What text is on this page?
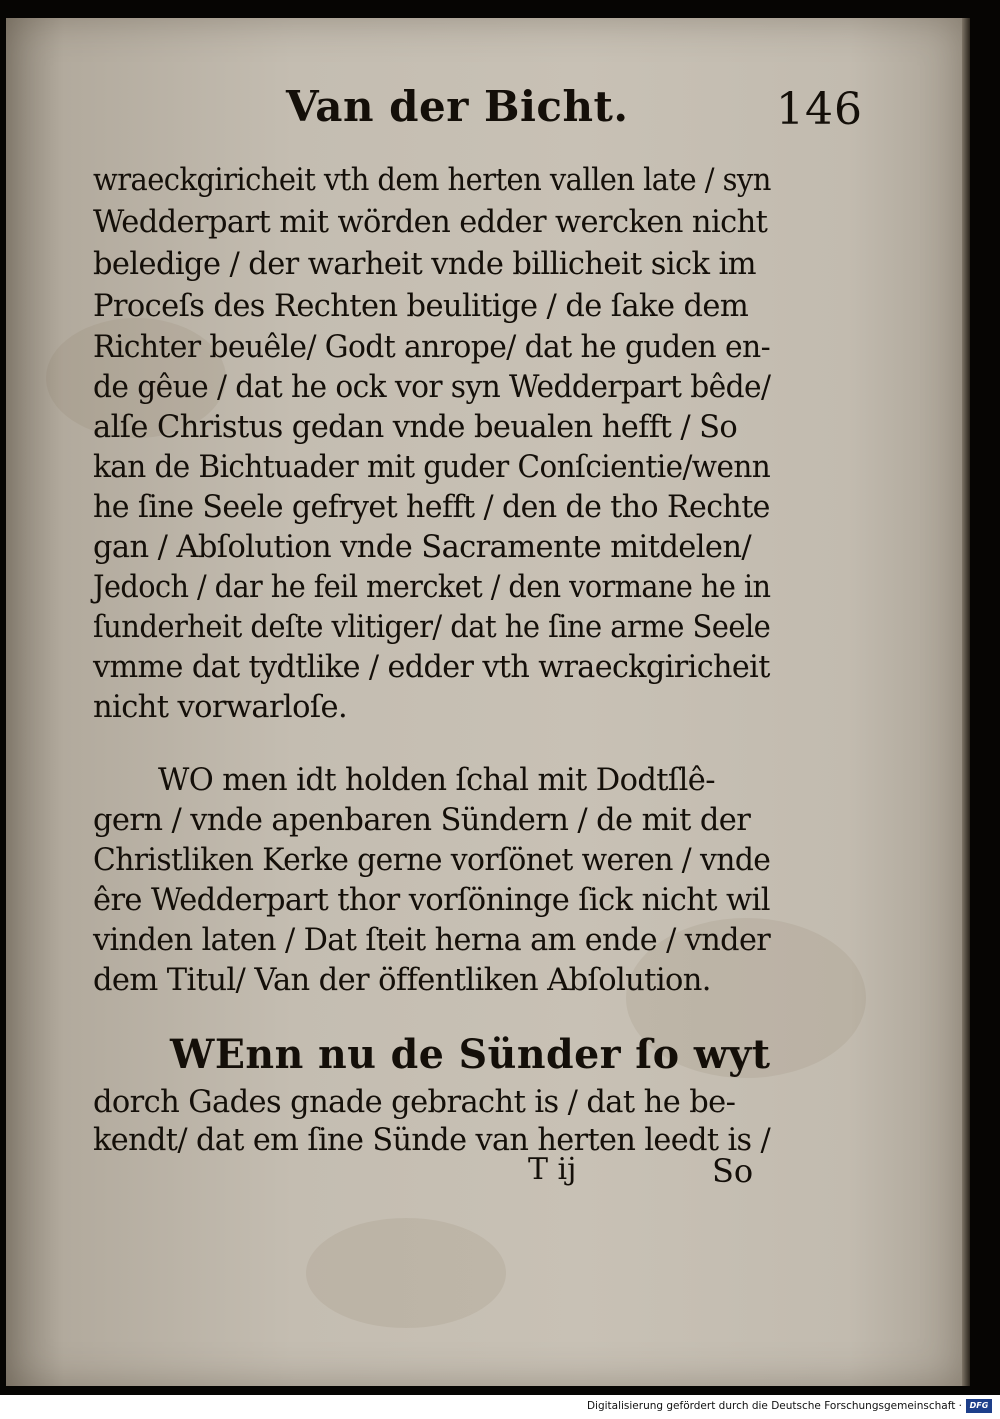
Van der Bicht.	146
wraeckgiricheit vth dem herten vallen late / syn
Wedderpart mit wörden edder wercken nicht
beledige / der warheit vnde billicheit sick im
Proceſs des Rechten beulitige / de ſake dem
Richter beuêle/ Godt anrope/ dat he guden en-
de gêue / dat he ock vor syn Wedderpart bêde/
alſe Christus gedan vnde beualen hefft / So
kan de Bichtuader mit guder Conſcientie/wenn
he ſine Seele gefryet hefft / den de tho Rechte
gan / Abſolution vnde Sacramente mitdelen/
Jedoch / dar he feil mercket / den vormane he in
ſunderheit deſte vlitiger/ dat he ſine arme Seele
vmme dat tydtlike / edder vth wraeckgiricheit
nicht vorwarloſe.
WO men idt holden ſchal mit Dodtſlê-
gern / vnde apenbaren Sündern / de mit der
Christliken Kerke gerne vorſönet weren / vnde
êre Wedderpart thor vorſöninge ſick nicht wil
vinden laten / Dat ſteit herna am ende / vnder
dem Titul/ Van der öffentliken Abſolution.
WEnn nu de Sünder ſo wyt
dorch Gades gnade gebracht is / dat he be-
kendt/ dat em ſine Sünde van herten leedt is /
T ij	So
Digitalisierung gefördert durch die Deutsche Forschungsgemeinschaft · DFG
